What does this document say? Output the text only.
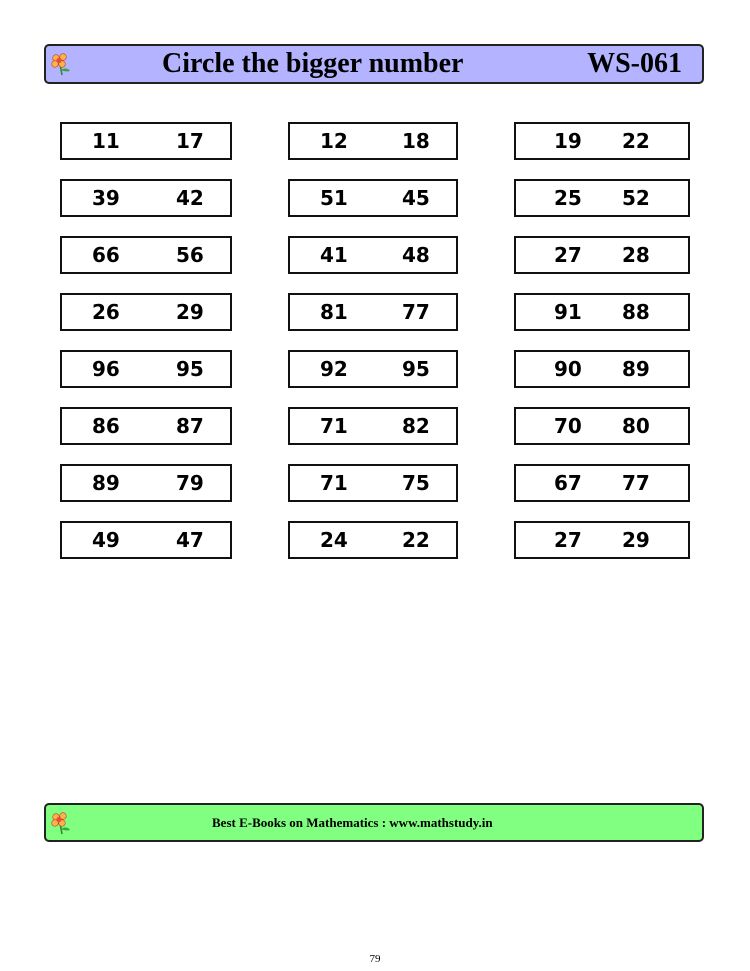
Circle the bigger number	WS-061
11	17	12	18	19 22
39	42	51	45	25 52
66	56	41	48	27 28
26	29	81	77	91 88
96	95	92	95	90 89
86	87	71	82	70 80
89	79	71	75	67 77
49	47	24	22	27 29
Best E-Books on Mathematics : www.mathstudy.in
79
